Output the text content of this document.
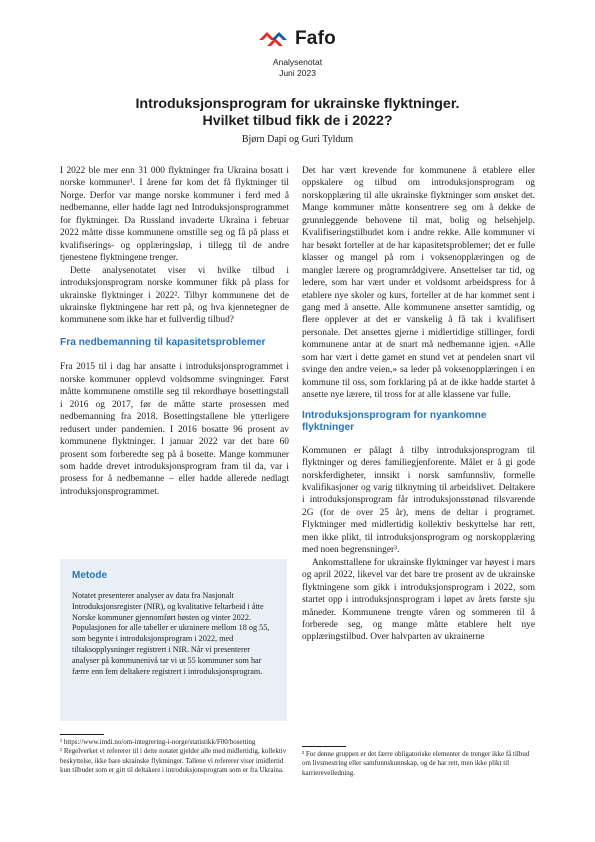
Fafo
Analysenotat
Juni 2023
Introduksjonsprogram for ukrainske flyktninger.
Hvilket tilbud fikk de i 2022?
Bjørn Dapi og Guri Tyldum

I 2022 ble mer enn 31 000 flyktninger fra Ukraina bosatt i norske kommuner¹. I årene før kom det få flyktninger til Norge. Derfor var mange norske kommuner i ferd med å nedbemanne, eller hadde lagt ned Introduksjonsprogrammet for flyktninger. Da Russland invaderte Ukraina i februar 2022 måtte disse kommunene omstille seg og få på plass et kvalifiserings- og opplæringsløp, i tillegg til de andre tjenestene flyktningene trenger.

Dette analysenotatet viser vi hvilke tilbud i introduksjonsprogram norske kommuner fikk på plass for ukrainske flyktninger i 2022². Tilbyr kommunene det de ukrainske flyktningene har rett på, og hva kjennetegner de kommunene som ikke har et fullverdig tilbud?

Fra nedbemanning til kapasitetsproblemer

Fra 2015 til i dag har ansatte i introduksjonsprogrammet i norske kommuner opplevd voldsomme svingninger. Først måtte kommunene omstille seg til rekordhøye bosettingstall i 2016 og 2017, før de måtte starte prosessen med nedbemanning fra 2018. Bosettingstallene ble ytterligere redusert under pandemien. I 2016 bosatte 96 prosent av kommunene flyktninger. I januar 2022 var det bare 60 prosent som forberedte seg på å bosette. Mange kommuner som hadde drevet introduksjonsprogram fram til da, var i prosess for å nedbemanne – eller hadde allerede nedlagt introduksjonsprogrammet.

Metode
Notatet presenterer analyser av data fra Nasjonalt Introduksjonsregister (NIR), og kvalitative feltarbeid i åtte Norske kommuner gjennomført høsten og vinter 2022. Populasjonen for alle tabeller er ukrainere mellom 18 og 55, som begynte i introduksjonsprogram i 2022, med tiltaksopplysninger registrert i NIR. Når vi presenterer analyser på kommunenivå tar vi ut 55 kommuner som har færre enn fem deltakere registrert i introduksjonsprogram.

¹ https://www.imdi.no/om-integrering-i-norge/statistikk/F00/bosetting

² Regelverket vi refererer til i dette notatet gjelder alle med midlertidig, kollektiv beskyttelse, ikke bare ukrainske flyktninger. Tallene vi refererer viser imidlertid kun tilbudet som er gitt til deltakere i introduksjonsprogram som er fra Ukraina.

Det har vært krevende for kommunene å etablere eller oppskalere og tilbud om introduksjonsprogram og norskopplæring til alle ukrainske flyktninger som ønsket det. Mange kommuner måtte konsentrere seg om å dekke de grunnleggende behovene til mat, bolig og helsehjelp. Kvalifiseringstilbudet kom i andre rekke. Alle kommuner vi har besøkt forteller at de har kapasitetsproblemer; det er fulle klasser og mangel på rom i voksenopplæringen og de mangler lærere og programrådgivere. Ansettelser tar tid, og ledere, som har vært under et voldsomt arbeidspress for å etablere nye skoler og kurs, forteller at de har kommet sent i gang med å ansette. Alle kommunene ansetter samtidig, og flere opplever at det er vanskelig å få tak i kvalifisert personale. Det ansettes gjerne i midlertidige stillinger, fordi kommunene antar at de snart må nedbemanne igjen. «Alle som har vært i dette gamet en stund vet at pendelen snart vil svinge den andre veien,» sa leder på voksenopplæringen i en kommune til oss, som forklaring på at de ikke hadde startet å ansette nye lærere, til tross for at alle klassene var fulle.

Introduksjonsprogram for nyankomne flyktninger

Kommunen er pålagt å tilby introduksjonsprogram til flyktninger og deres familiegjenforente. Målet er å gi gode norskferdigheter, innsikt i norsk samfunnsliv, formelle kvalifikasjoner og varig tilknytning til arbeidslivet. Deltakere i introduksjonsprogram får introduksjonsstønad tilsvarende 2G (for de over 25 år), mens de deltar i programet. Flyktninger med midlertidig kollektiv beskyttelse har rett, men ikke plikt, til introduksjonsprogram og norskopplæring med noen begrensninger³.

Ankomsttallene for ukrainske flyktninger var høyest i mars og april 2022, likevel var det bare tre prosent av de ukrainske flyktningene som gikk i introduksjonsprogram i 2022, som startet opp i introduksjonsprogram i løpet av årets første sju måneder. Kommunene trengte våren og sommeren til å forberede seg, og mange måtte etablere helt nye opplæringstilbud. Over halvparten av ukrainerne

³ For denne gruppen er det færre obligatoriske elementer de trenger ikke få tilbud om livsmestring eller samfunnskunnskap, og de har rett, men ikke plikt til karriereveiledning.
